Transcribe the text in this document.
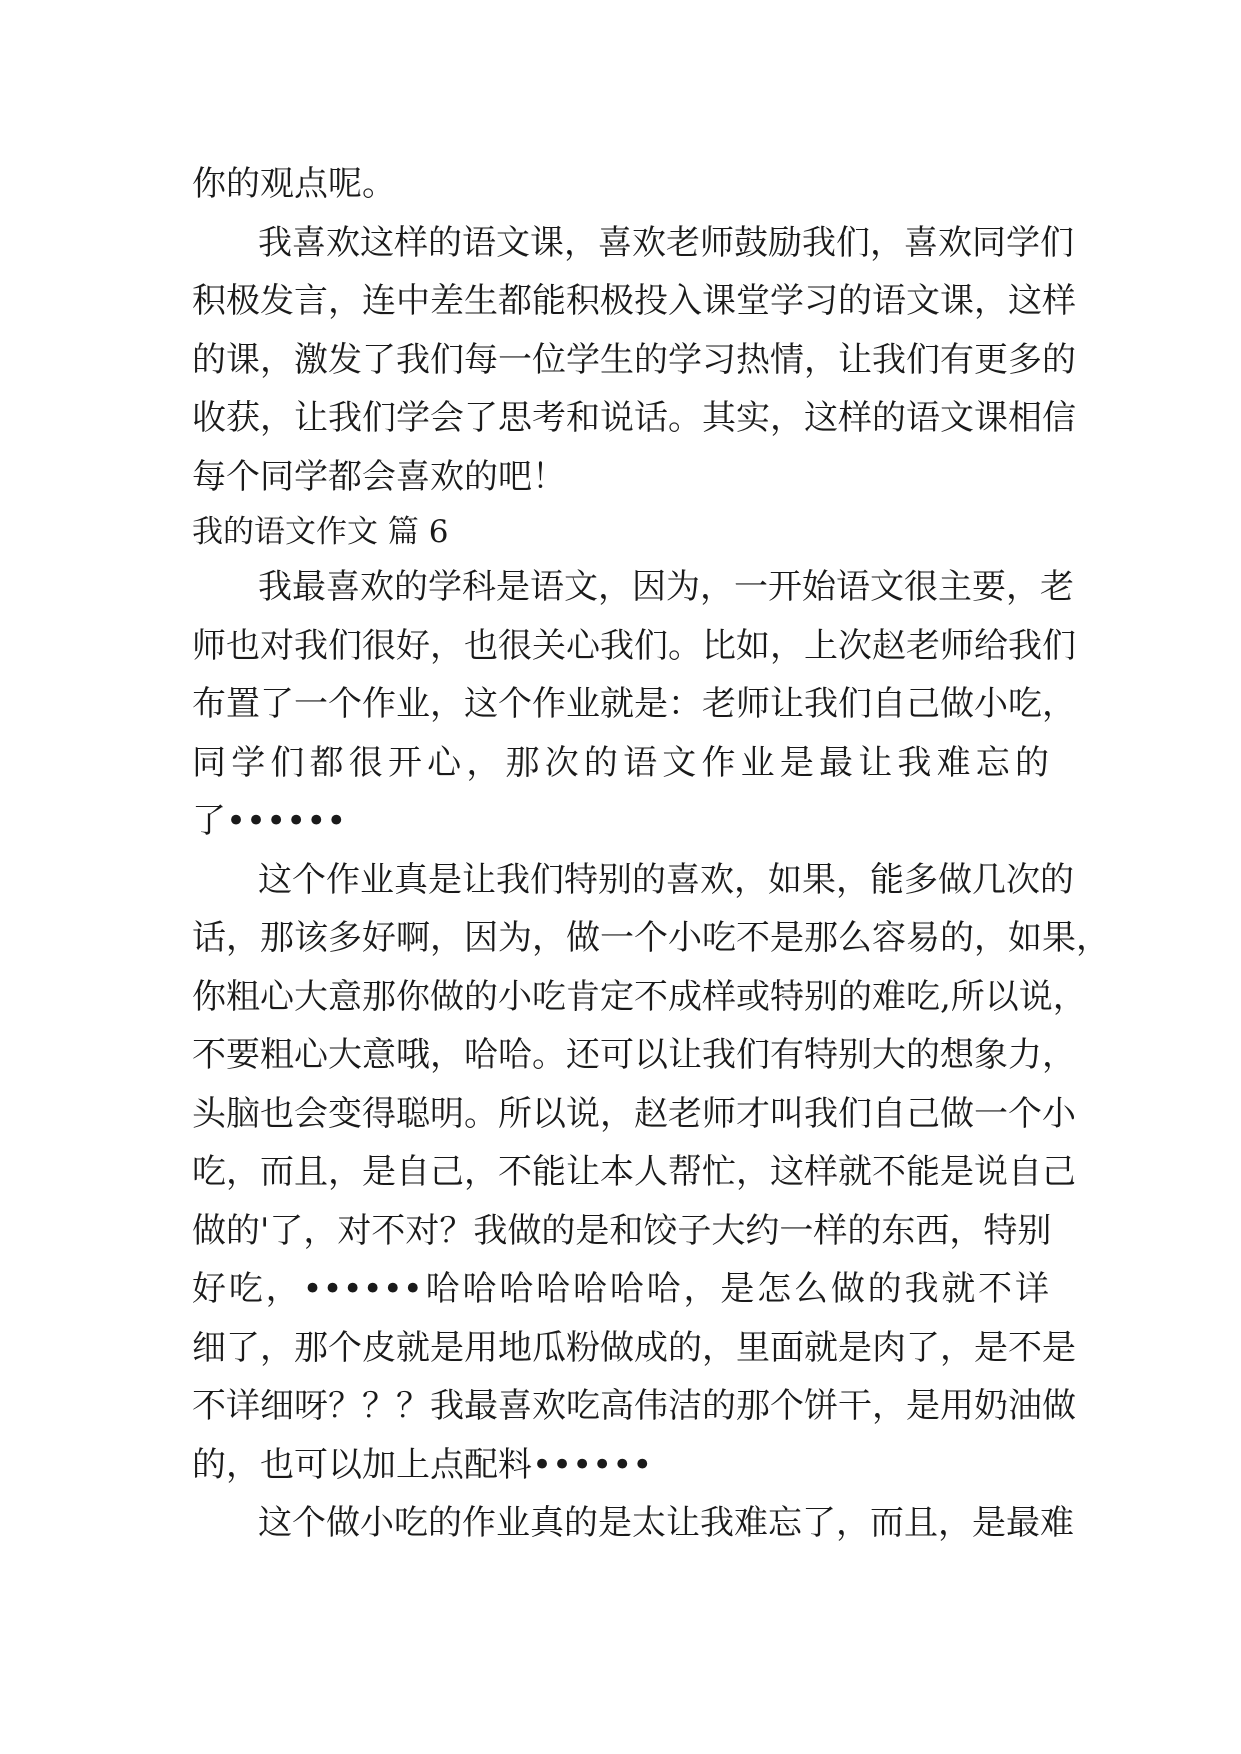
你的观点呢。
我喜欢这样的语文课，喜欢老师鼓励我们，喜欢同学们
积极发言，连中差生都能积极投入课堂学习的语文课，这样
的课，激发了我们每一位学生的学习热情，让我们有更多的
收获，让我们学会了思考和说话。其实，这样的语文课相信
每个同学都会喜欢的吧！
我的语文作文 篇 6
我最喜欢的学科是语文，因为，一开始语文很主要，老
师也对我们很好，也很关心我们。比如，上次赵老师给我们
布置了一个作业，这个作业就是：老师让我们自己做小吃，
同学们都很开心，那次的语文作业是最让我难忘的
了••••••
这个作业真是让我们特别的喜欢，如果，能多做几次的
话，那该多好啊，因为，做一个小吃不是那么容易的，如果，
你粗心大意那你做的小吃肯定不成样或特别的难吃,所以说，
不要粗心大意哦，哈哈。还可以让我们有特别大的想象力，
头脑也会变得聪明。所以说，赵老师才叫我们自己做一个小
吃，而且，是自己，不能让本人帮忙，这样就不能是说自己
做的'了，对不对？我做的是和饺子大约一样的东西，特别
好吃，••••••哈哈哈哈哈哈哈，是怎么做的我就不详
细了，那个皮就是用地瓜粉做成的，里面就是肉了，是不是
不详细呀？？？我最喜欢吃高伟洁的那个饼干，是用奶油做
的，也可以加上点配料••••••
这个做小吃的作业真的是太让我难忘了，而且，是最难
